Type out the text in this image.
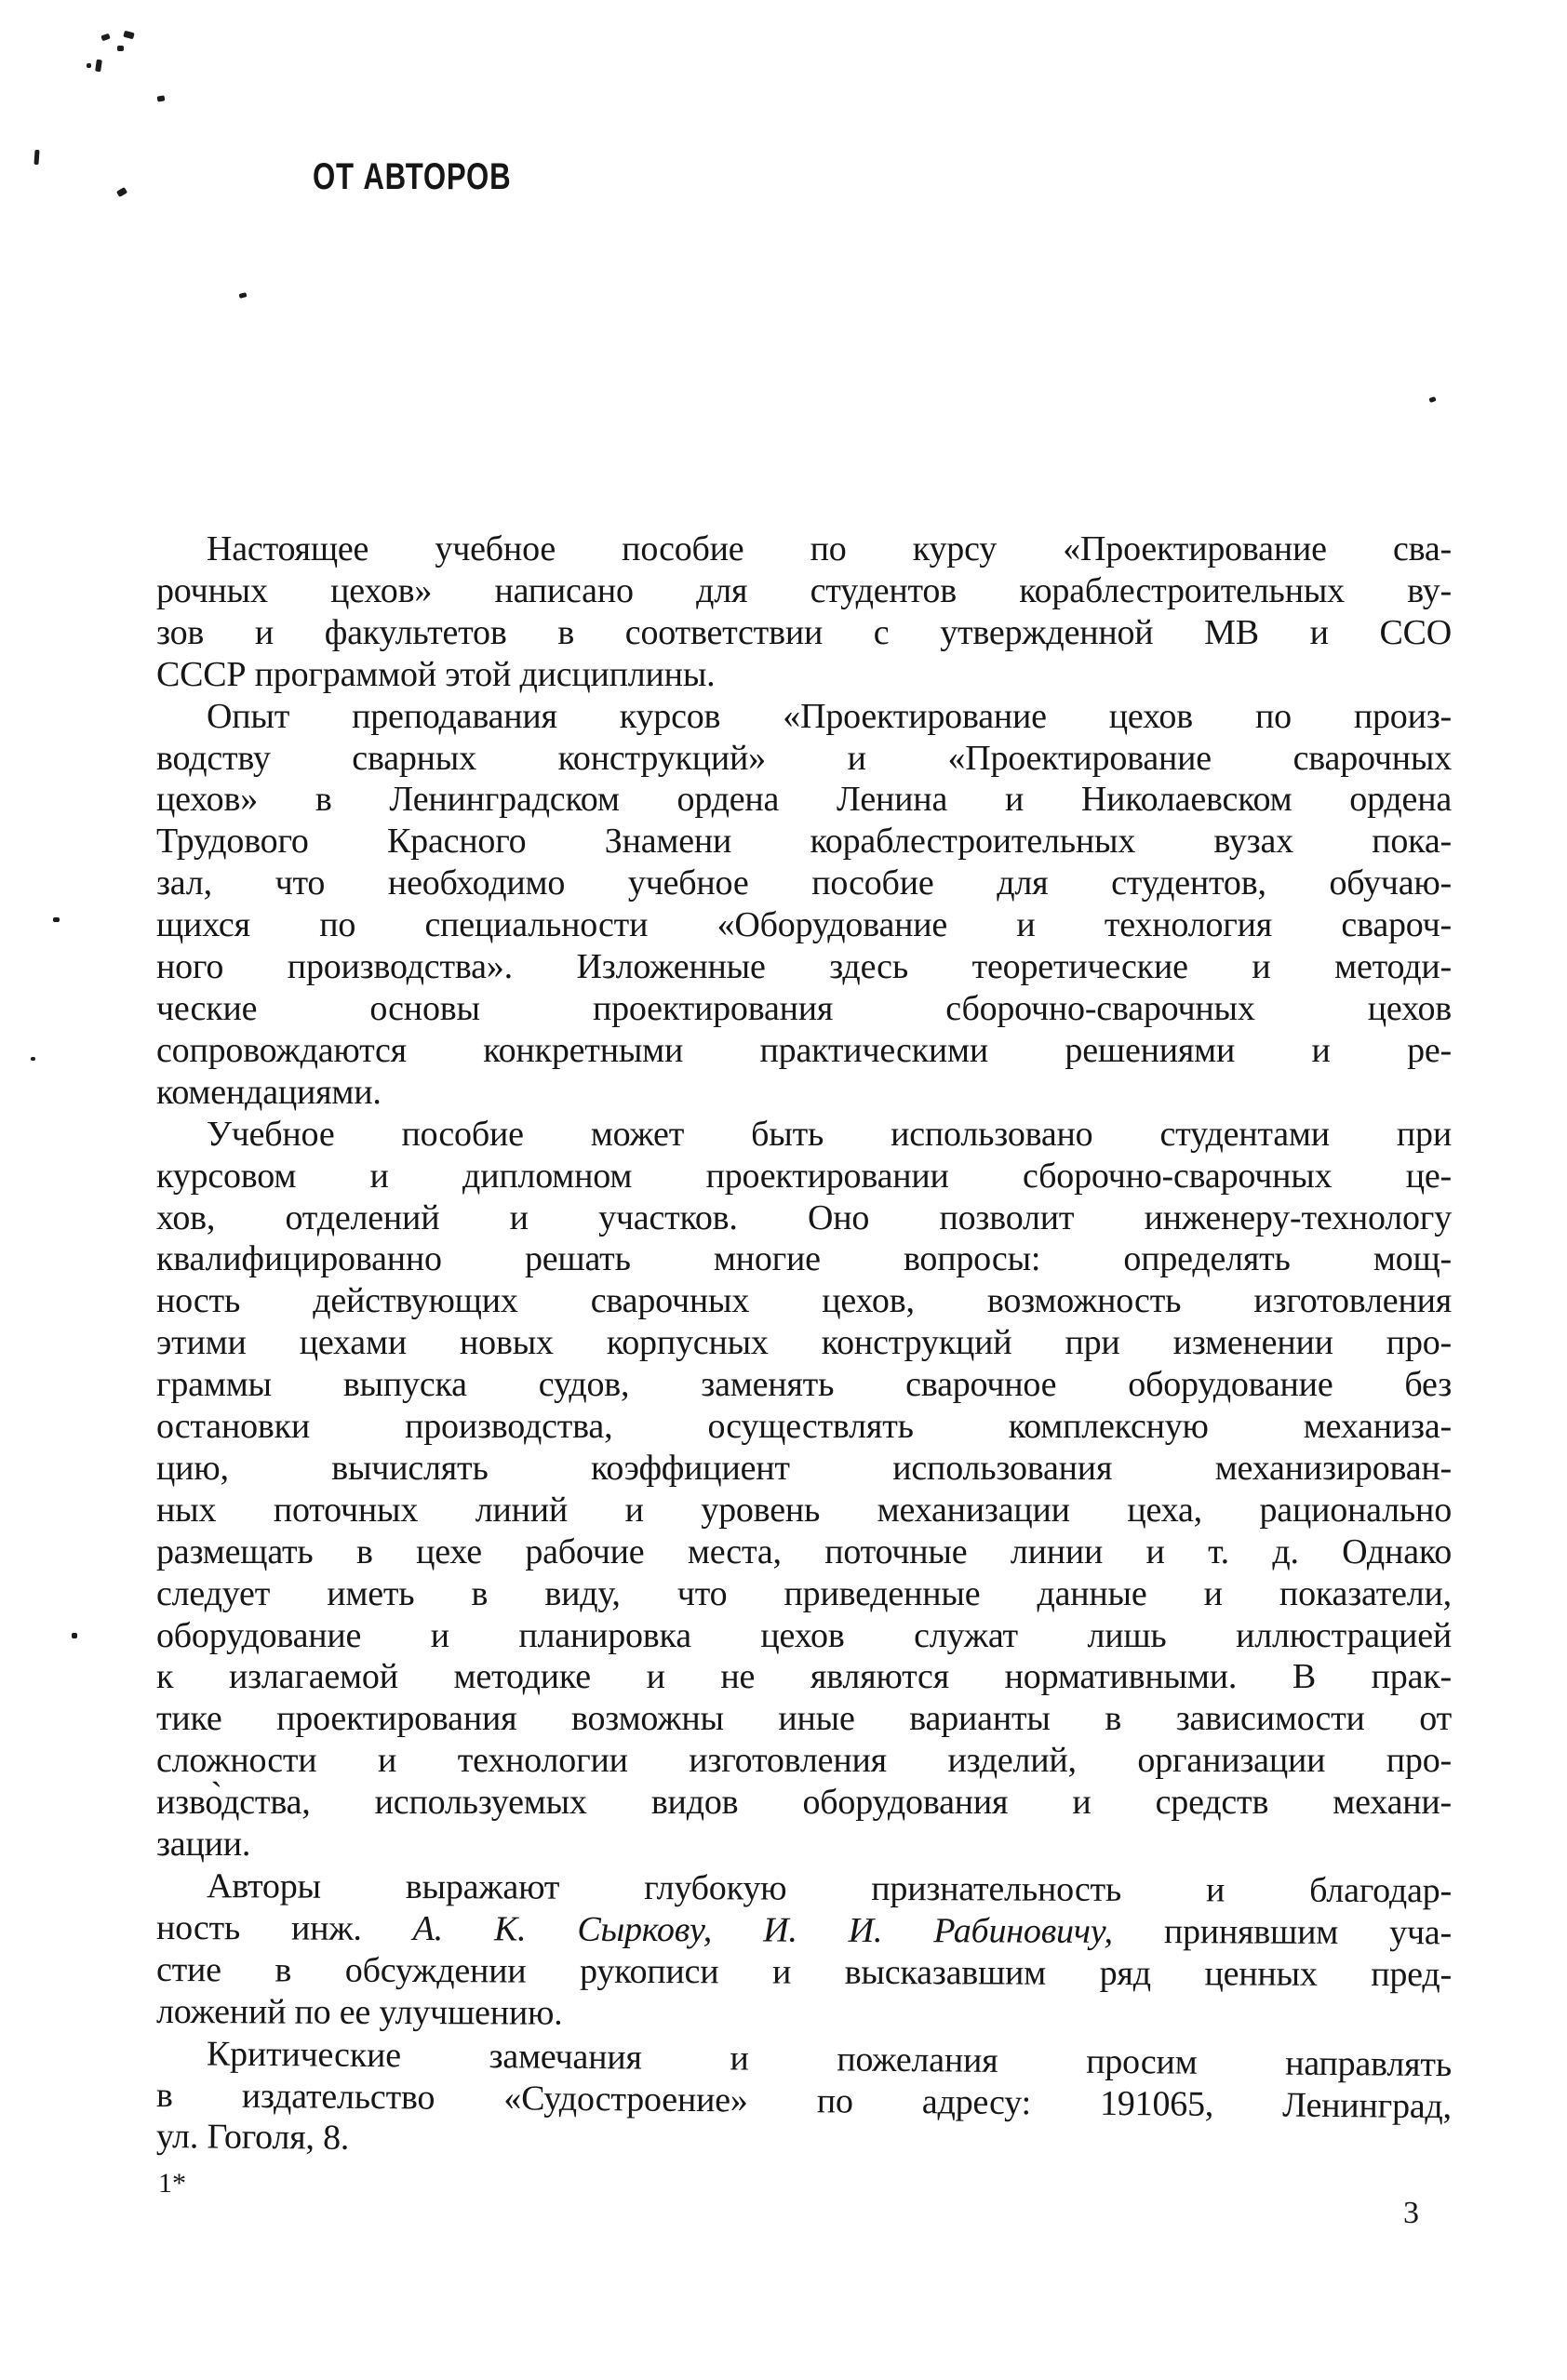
ОТ АВТОРОВ
Настоящее учебное пособие по курсу «Проектирование сва-
рочных цехов» написано для студентов кораблестроительных ву-
зов и факультетов в соответствии с утвержденной МВ и ССО
СССР программой этой дисциплины.
Опыт преподавания курсов «Проектирование цехов по произ-
водству сварных конструкций» и «Проектирование сварочных
цехов» в Ленинградском ордена Ленина и Николаевском ордена
Трудового Красного Знамени кораблестроительных вузах пока-
зал, что необходимо учебное пособие для студентов, обучаю-
щихся по специальности «Оборудование и технология свароч-
ного производства». Изложенные здесь теоретические и методи-
ческие основы проектирования сборочно-сварочных цехов
сопровождаются конкретными практическими решениями и ре-
комендациями.
Учебное пособие может быть использовано студентами при
курсовом и дипломном проектировании сборочно-сварочных це-
хов, отделений и участков. Оно позволит инженеру-технологу
квалифицированно решать многие вопросы: определять мощ-
ность действующих сварочных цехов, возможность изготовления
этими цехами новых корпусных конструкций при изменении про-
граммы выпуска судов, заменять сварочное оборудование без
остановки производства, осуществлять комплексную механиза-
цию, вычислять коэффициент использования механизирован-
ных поточных линий и уровень механизации цеха, рационально
размещать в цехе рабочие места, поточные линии и т. д. Однако
следует иметь в виду, что приведенные данные и показатели,
оборудование и планировка цехов служат лишь иллюстрацией
к излагаемой методике и не являются нормативными. В прак-
тике проектирования возможны иные варианты в зависимости от
сложности и технологии изготовления изделий, организации про-
изво̀дства, используемых видов оборудования и средств механи-
зации.
Авторы выражают глубокую признательность и благодар-
ность инж. А. К. Сыркову, И. И. Рабиновичу, принявшим уча-
стие в обсуждении рукописи и высказавшим ряд ценных пред-
ложений по ее улучшению.
Критические замечания и пожелания просим направлять
в издательство «Судостроение» по адресу: 191065, Ленинград,
ул. Гоголя, 8.
1*
3
